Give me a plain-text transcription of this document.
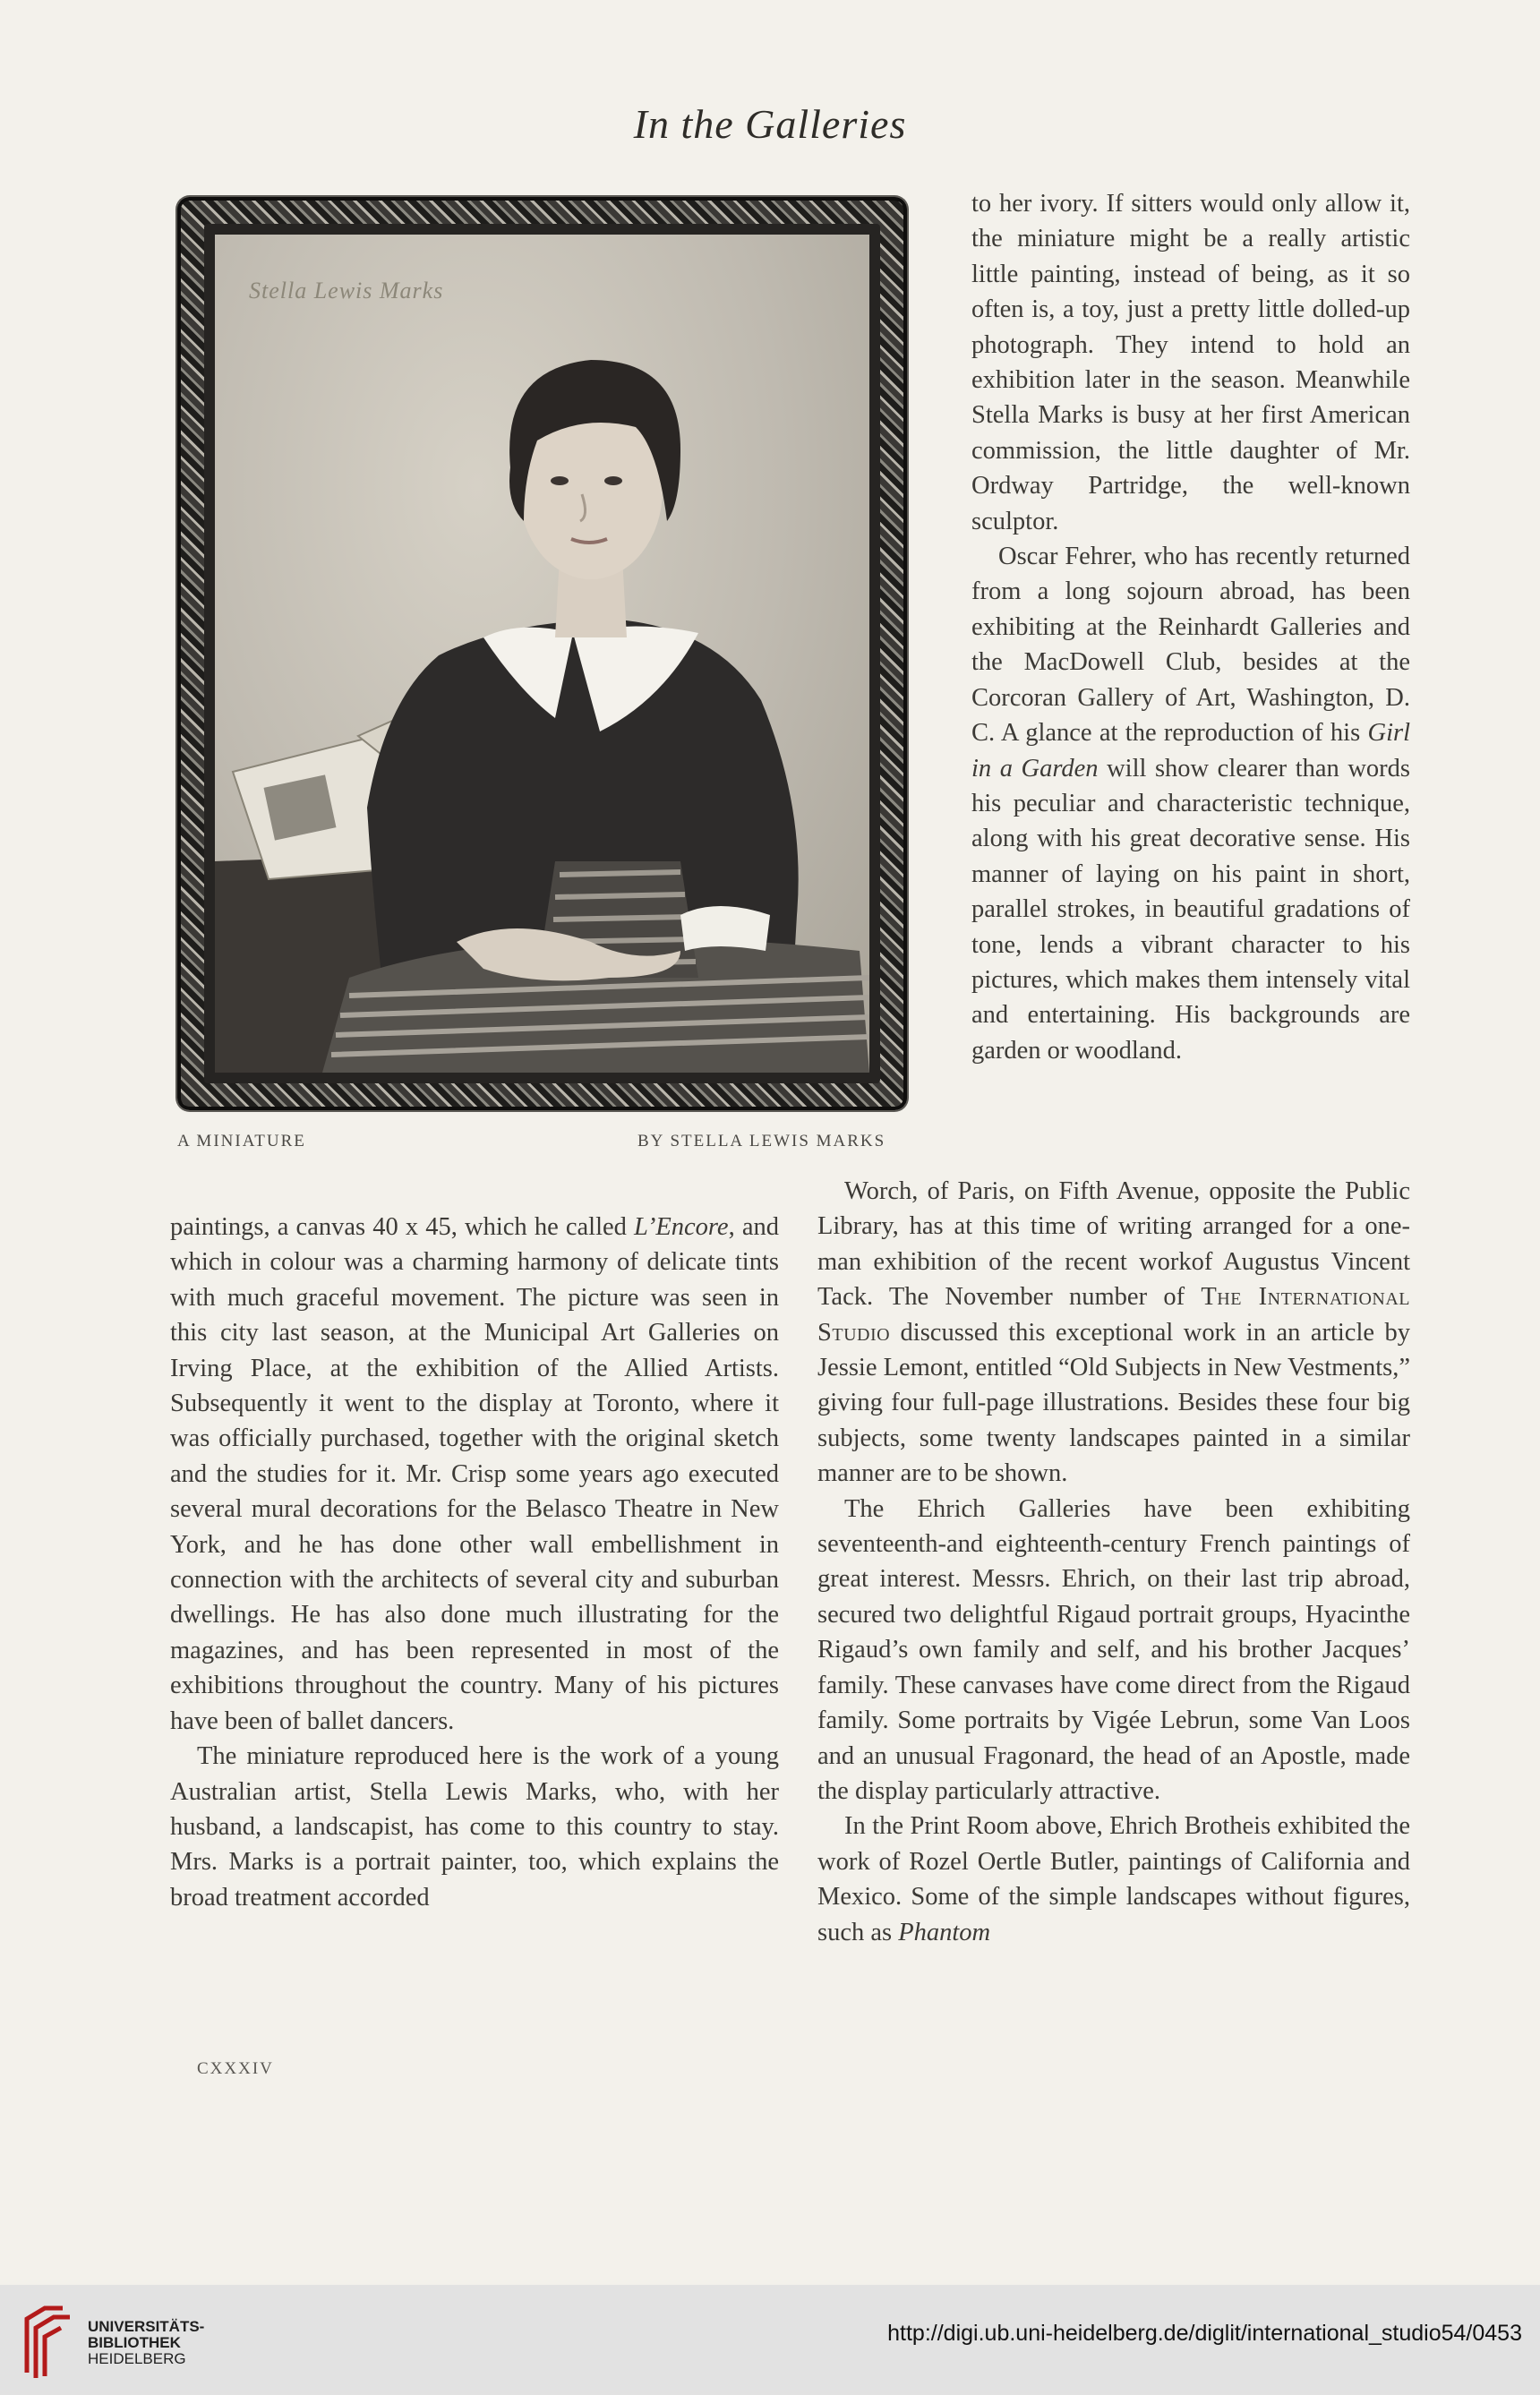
In the Galleries
Stella Lewis Marks
A MINIATURE	BY STELLA LEWIS MARKS

to her ivory. If sitters would only allow it, the miniature might be a really artistic little painting, instead of being, as it so often is, a toy, just a pretty little dolled-up photograph. They intend to hold an exhibition later in the season. Meanwhile Stella Marks is busy at her first American commission, the little daughter of Mr. Ordway Partridge, the well-known sculptor.

Oscar Fehrer, who has recently returned from a long sojourn abroad, has been exhibiting at the Reinhardt Galleries and the MacDowell Club, besides at the Corcoran Gallery of Art, Washington, D. C. A glance at the reproduction of his Girl in a Garden will show clearer than words his peculiar and characteristic technique, along with his great decorative sense. His manner of laying on his paint in short, parallel strokes, in beautiful gradations of tone, lends a vibrant character to his pictures, which makes them intensely vital and entertaining. His backgrounds are garden or woodland.

Worch, of Paris, on Fifth Avenue, opposite the Public Library, has at this time of writing arranged for a one-man exhibition of the recent workof Augustus Vincent Tack. The November number of The International Studio discussed this exceptional work in an article by Jessie Lemont, entitled “Old Subjects in New Vestments,” giving four full-page illustrations. Besides these four big subjects, some twenty landscapes painted in a similar manner are to be shown.

The Ehrich Galleries have been exhibiting seventeenth-and eighteenth-century French paintings of great interest. Messrs. Ehrich, on their last trip abroad, secured two delightful Rigaud portrait groups, Hyacinthe Rigaud’s own family and self, and his brother Jacques’ family. These canvases have come direct from the Rigaud family. Some portraits by Vigée Lebrun, some Van Loos and an unusual Fragonard, the head of an Apostle, made the display particularly attractive.

In the Print Room above, Ehrich Brotheis exhibited the work of Rozel Oertle Butler, paintings of California and Mexico. Some of the simple landscapes without figures, such as Phantom

paintings, a canvas 40 x 45, which he called L’Encore, and which in colour was a charming harmony of delicate tints with much graceful movement. The picture was seen in this city last season, at the Municipal Art Galleries on Irving Place, at the exhibition of the Allied Artists. Subsequently it went to the display at Toronto, where it was officially purchased, together with the original sketch and the studies for it. Mr. Crisp some years ago executed several mural decorations for the Belasco Theatre in New York, and he has done other wall embellishment in connection with the architects of several city and suburban dwellings. He has also done much illustrating for the magazines, and has been represented in most of the exhibitions throughout the country. Many of his pictures have been of ballet dancers.

The miniature reproduced here is the work of a young Australian artist, Stella Lewis Marks, who, with her husband, a landscapist, has come to this country to stay. Mrs. Marks is a portrait painter, too, which explains the broad treatment accorded

CXXXIV
UNIVERSITÄTS-
BIBLIOTHEK
HEIDELBERG
http://digi.ub.uni-heidelberg.de/diglit/international_studio54/0453
